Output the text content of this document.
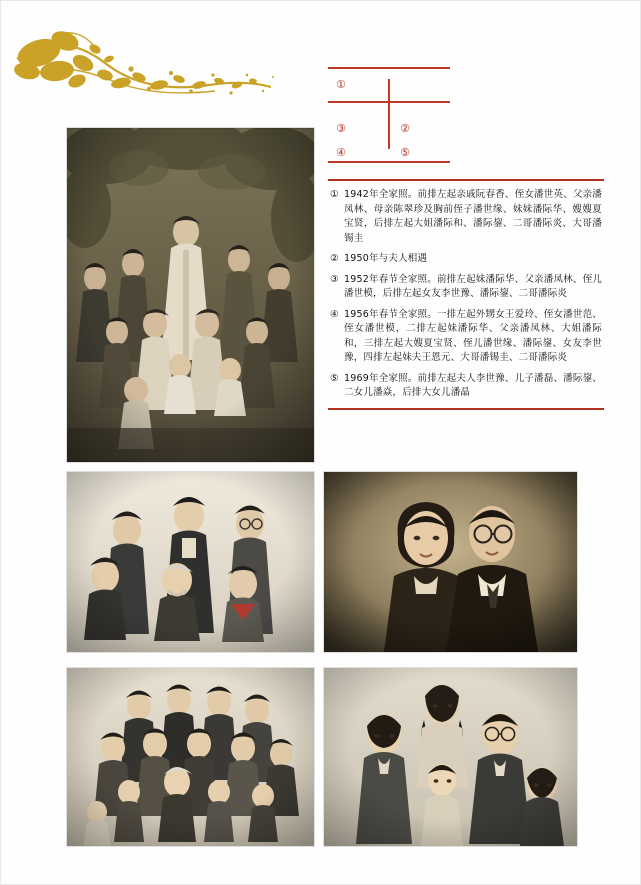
①
②
③
④	⑤
① 1942年全家照。前排左起亲戚阮春香、侄女潘世英、父亲潘凤林、母亲陈翠珍及胸前侄子潘世缘、妹妹潘际华、嫂嫂夏宝贤，后排左起大姐潘际和、潘际鋆、二哥潘际炎、大哥潘锡圭
② 1950年与夫人相遇
③ 1952年春节全家照。前排左起妹潘际华、父亲潘凤林、侄儿潘世模，后排左起女友李世豫、潘际鋆、二哥潘际炎
④ 1956年春节全家照。一排左起外甥女王爱玲、侄女潘世范、侄女潘世模，二排左起妹潘际华、父亲潘凤林、大姐潘际和，三排左起大嫂夏宝贤、侄儿潘世缘、潘际鋆、女友李世豫，四排左起妹夫王恩元、大哥潘锡圭、二哥潘际炎
⑤ 1969年全家照。前排左起夫人李世豫、儿子潘磊、潘际鋆、二女儿潘焱，后排大女儿潘晶
